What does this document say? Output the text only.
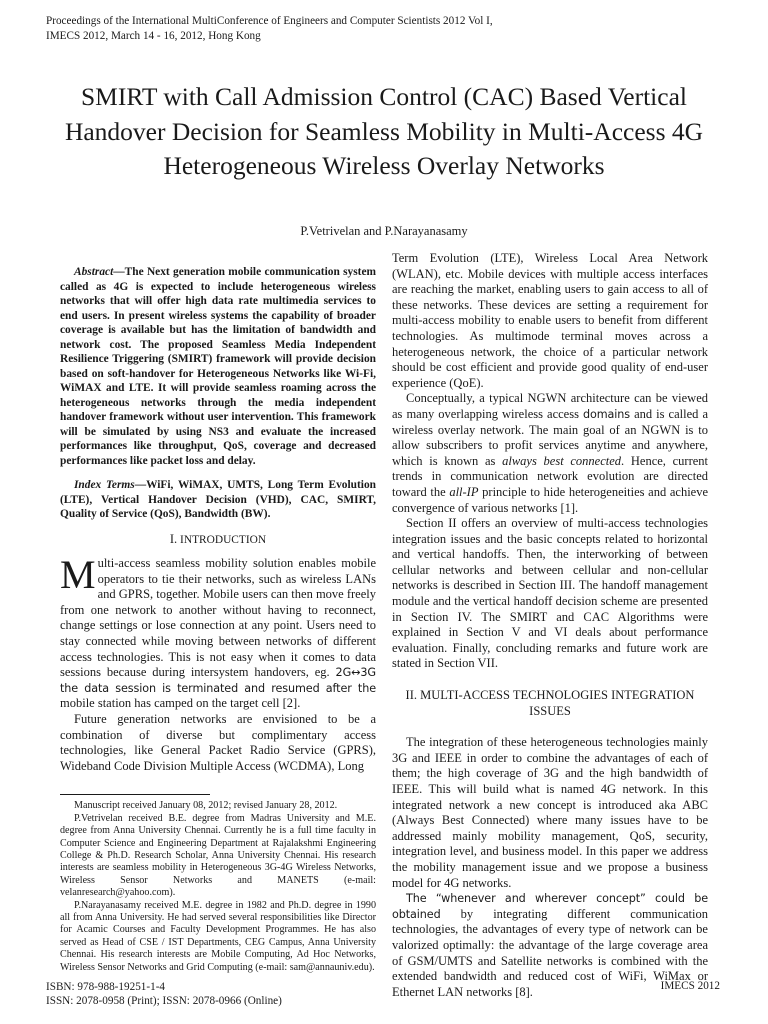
Proceedings of the International MultiConference of Engineers and Computer Scientists 2012 Vol I,
IMECS 2012, March 14 - 16, 2012, Hong Kong
SMIRT with Call Admission Control (CAC) Based Vertical Handover Decision for Seamless Mobility in Multi-Access 4G Heterogeneous Wireless Overlay Networks
P.Vetrivelan and P.Narayanasamy

Abstract—The Next generation mobile communication system called as 4G is expected to include heterogeneous wireless networks that will offer high data rate multimedia services to end users. In present wireless systems the capability of broader coverage is available but has the limitation of bandwidth and network cost. The proposed Seamless Media Independent Resilience Triggering (SMIRT) framework will provide decision based on soft-handover for Heterogeneous Networks like Wi-Fi, WiMAX and LTE. It will provide seamless roaming across the heterogeneous networks through the media independent handover framework without user intervention. This framework will be simulated by using NS3 and evaluate the increased performances like throughput, QoS, coverage and decreased performances like packet loss and delay.

Index Terms—WiFi, WiMAX, UMTS, Long Term Evolution (LTE), Vertical Handover Decision (VHD), CAC, SMIRT, Quality of Service (QoS), Bandwidth (BW).

I. INTRODUCTION

Multi-access seamless mobility solution enables mobile operators to tie their networks, such as wireless LANs and GPRS, together. Mobile users can then move freely from one network to another without having to reconnect, change settings or lose connection at any point. Users need to stay connected while moving between networks of different access technologies. This is not easy when it comes to data sessions because during intersystem handovers, eg. 2G↔3G the data session is terminated and resumed after the mobile station has camped on the target cell [2].

Future generation networks are envisioned to be a combination of diverse but complimentary access technologies, like General Packet Radio Service (GPRS), Wideband Code Division Multiple Access (WCDMA), Long

Manuscript received January 08, 2012; revised January 28, 2012.

P.Vetrivelan received B.E. degree from Madras University and M.E. degree from Anna University Chennai. Currently he is a full time faculty in Computer Science and Engineering Department at Rajalakshmi Engineering College & Ph.D. Research Scholar, Anna University Chennai. His research interests are seamless mobility in Heterogeneous 3G-4G Wireless Networks, Wireless Sensor Networks and MANETS (e-mail: velanresearch@yahoo.com).

P.Narayanasamy received M.E. degree in 1982 and Ph.D. degree in 1990 all from Anna University. He had served several responsibilities like Director for Acamic Courses and Faculty Development Programmes. He has also served as Head of CSE / IST Departments, CEG Campus, Anna University Chennai. His research interests are Mobile Computing, Ad Hoc Networks, Wireless Sensor Networks and Grid Computing (e-mail: sam@annauniv.edu).

Term Evolution (LTE), Wireless Local Area Network (WLAN), etc. Mobile devices with multiple access interfaces are reaching the market, enabling users to gain access to all of these networks. These devices are setting a requirement for multi-access mobility to enable users to benefit from different technologies. As multimode terminal moves across a heterogeneous network, the choice of a particular network should be cost efficient and provide good quality of end-user experience (QoE).

Conceptually, a typical NGWN architecture can be viewed as many overlapping wireless access domains and is called a wireless overlay network. The main goal of an NGWN is to allow subscribers to profit services anytime and anywhere, which is known as always best connected. Hence, current trends in communication network evolution are directed toward the all-IP principle to hide heterogeneities and achieve convergence of various networks [1].

Section II offers an overview of multi-access technologies integration issues and the basic concepts related to horizontal and vertical handoffs. Then, the interworking of between cellular networks and between cellular and non-cellular networks is described in Section III. The handoff management module and the vertical handoff decision scheme are presented in Section IV. The SMIRT and CAC Algorithms were explained in Section V and VI deals about performance evaluation. Finally, concluding remarks and future work are stated in Section VII.

II. MULTI-ACCESS TECHNOLOGIES INTEGRATION ISSUES

The integration of these heterogeneous technologies mainly 3G and IEEE in order to combine the advantages of each of them; the high coverage of 3G and the high bandwidth of IEEE. This will build what is named 4G network. In this integrated network a new concept is introduced aka ABC (Always Best Connected) where many issues have to be addressed mainly mobility management, QoS, security, integration level, and business model. In this paper we address the mobility management issue and we propose a business model for 4G networks.

The “whenever and wherever concept” could be obtained by integrating different communication technologies, the advantages of every type of network can be valorized optimally: the advantage of the large coverage area of GSM/UMTS and Satellite networks is combined with the extended bandwidth and reduced cost of WiFi, WiMax or Ethernet LAN networks [8].

ISBN: 978-988-19251-1-4
ISSN: 2078-0958 (Print); ISSN: 2078-0966 (Online)
IMECS 2012
